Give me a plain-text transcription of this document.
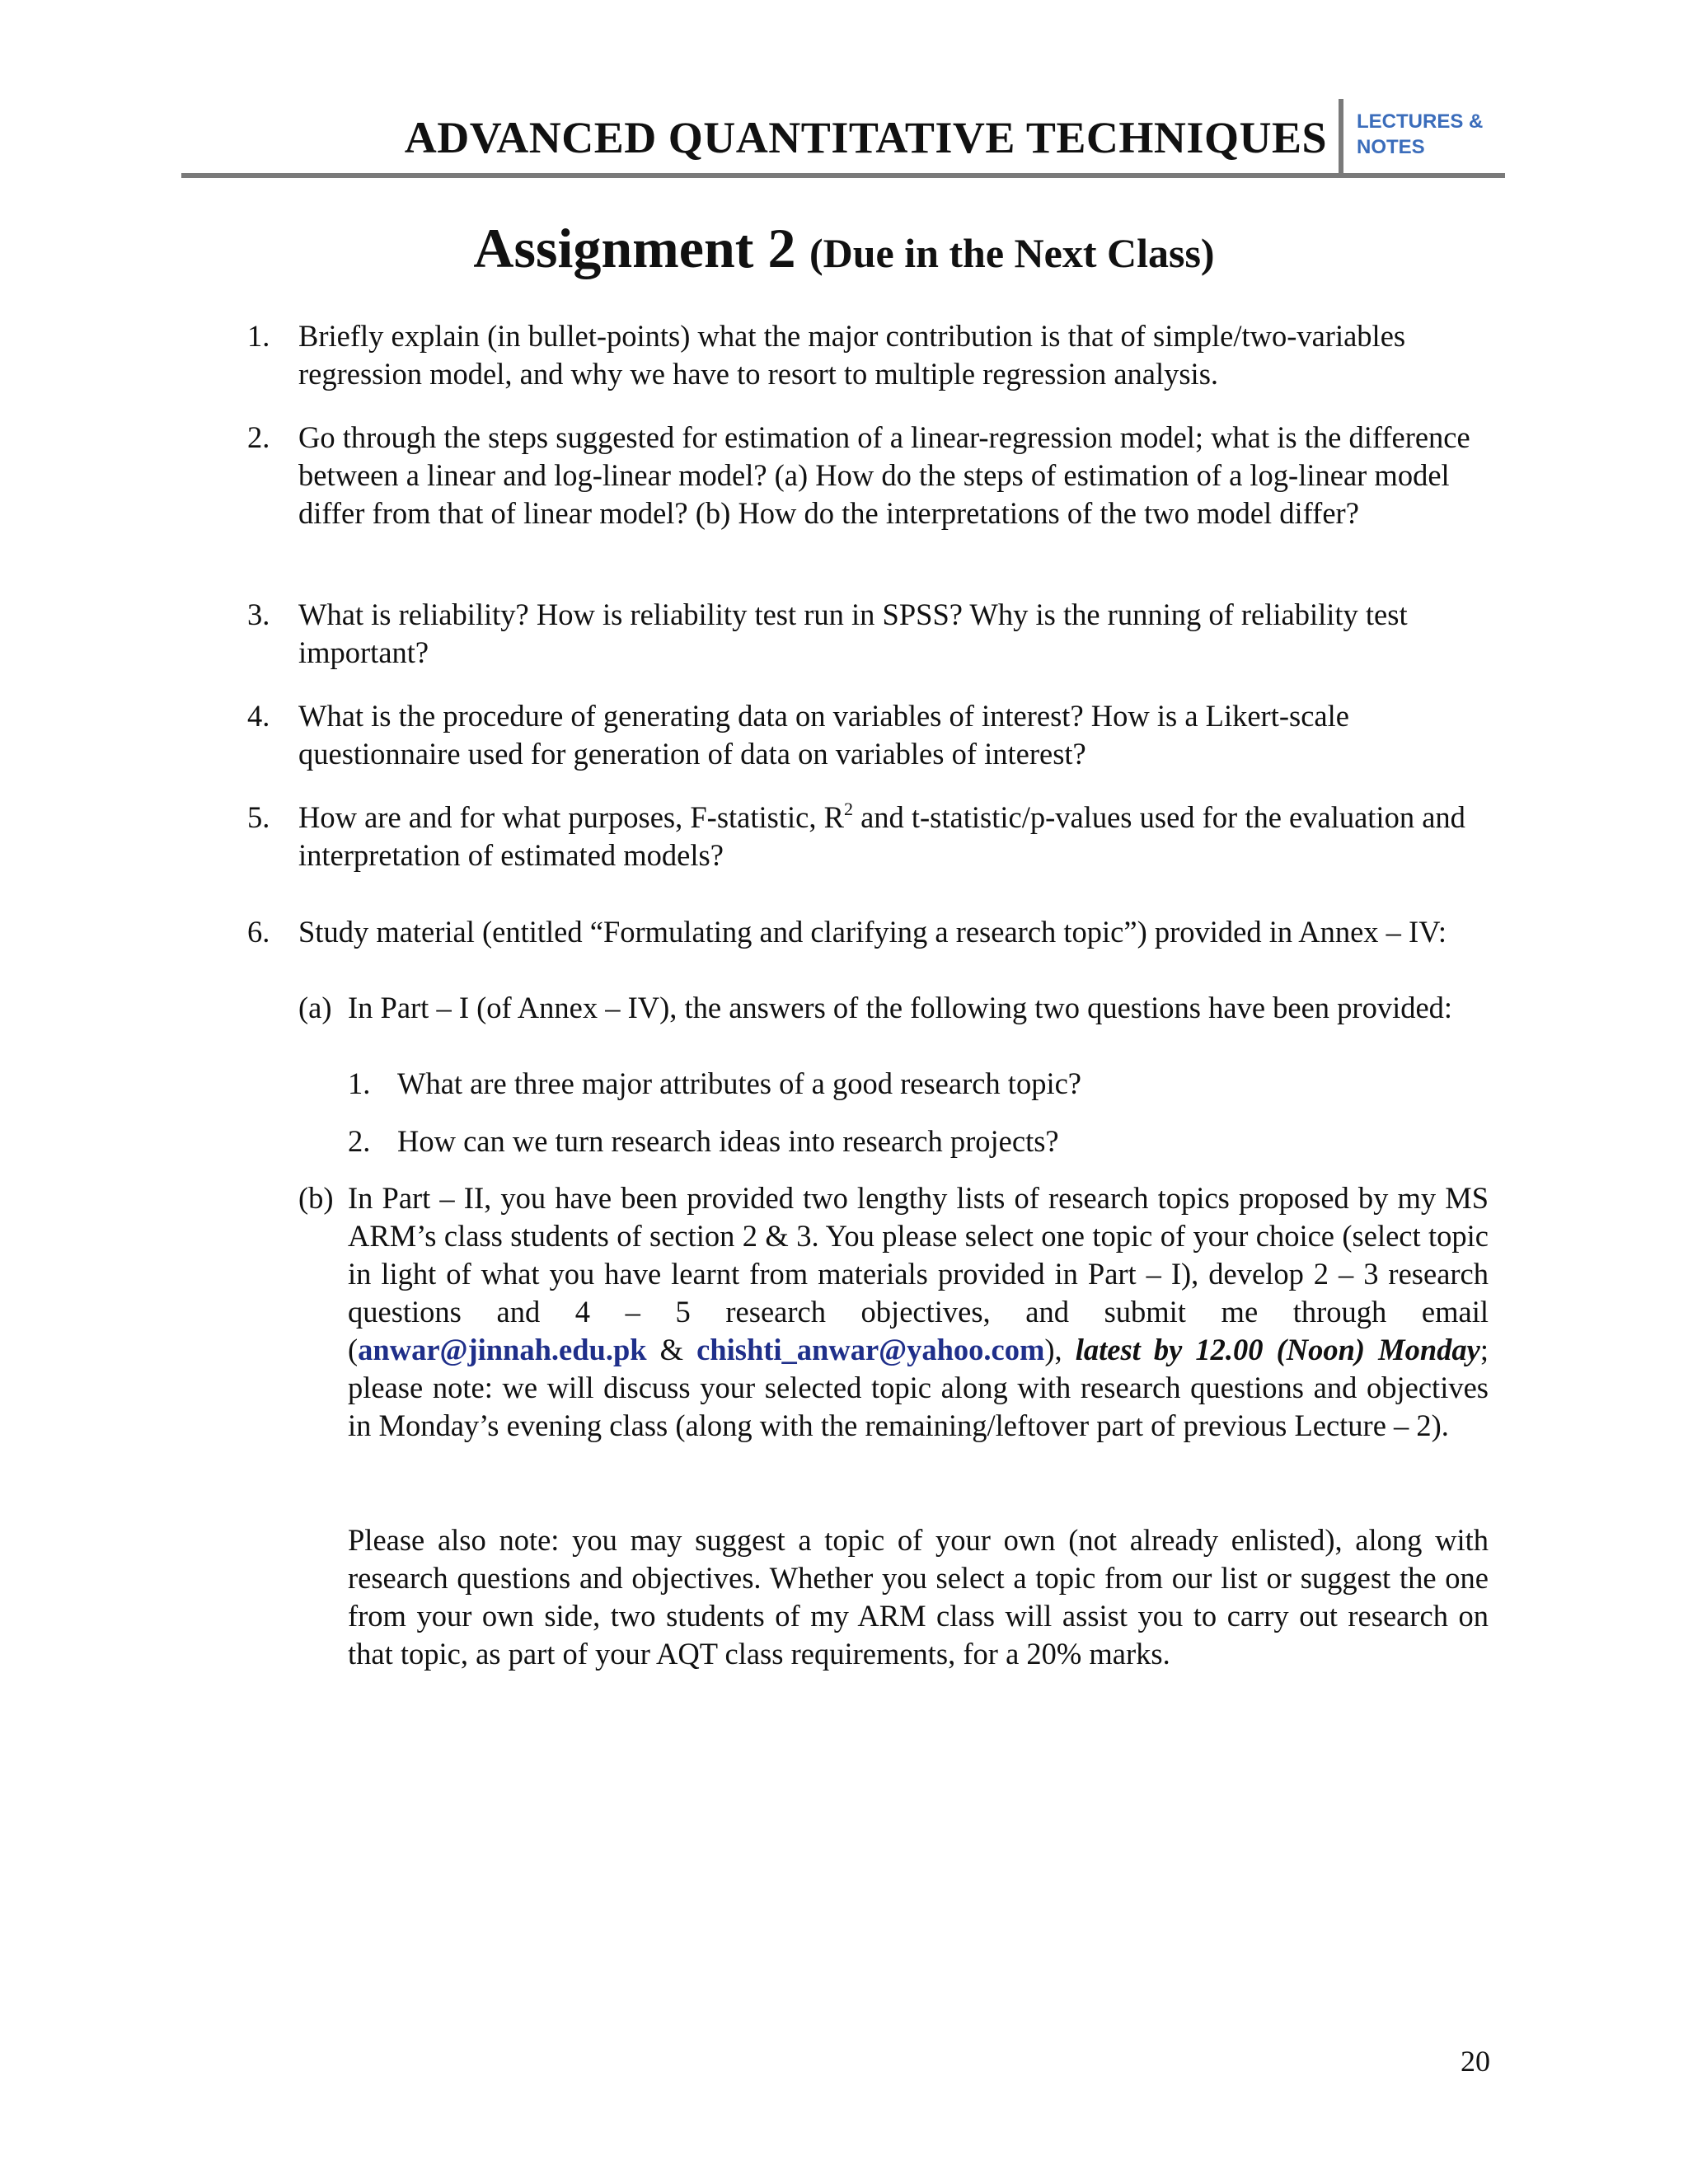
ADVANCED QUANTITATIVE TECHNIQUES LECTURES &
NOTES
Assignment 2 (Due in the Next Class)
1. Briefly explain (in bullet-points) what the major contribution is that of simple/two-variables regression model, and why we have to resort to multiple regression analysis.
2. Go through the steps suggested for estimation of a linear-regression model; what is the difference between a linear and log-linear model? (a) How do the steps of estimation of a log-linear model differ from that of linear model? (b) How do the interpretations of the two model differ?
3. What is reliability? How is reliability test run in SPSS? Why is the running of reliability test important?
4. What is the procedure of generating data on variables of interest? How is a Likert-scale questionnaire used for generation of data on variables of interest?
5. How are and for what purposes, F-statistic, $R^2$ and t-statistic/p-values used for the evaluation and interpretation of estimated models?
6. Study material (entitled “Formulating and clarifying a research topic”) provided in Annex – IV:
(a) In Part – I (of Annex – IV), the answers of the following two questions have been provided:
1. What are three major attributes of a good research topic?
2. How can we turn research ideas into research projects?
(b) In Part – II, you have been provided two lengthy lists of research topics proposed by my MS ARM’s class students of section 2 & 3. You please select one topic of your choice (select topic in light of what you have learnt from materials provided in Part – I), develop 2 – 3 research questions and 4 – 5 research objectives, and submit me through email (anwar@jinnah.edu.pk & chishti_anwar@yahoo.com), latest by 12.00 (Noon) Monday; please note: we will discuss your selected topic along with research questions and objectives in Monday’s evening class (along with the remaining/leftover part of previous Lecture – 2).
Please also note: you may suggest a topic of your own (not already enlisted), along with research questions and objectives. Whether you select a topic from our list or suggest the one from your own side, two students of my ARM class will assist you to carry out research on that topic, as part of your AQT class requirements, for a 20% marks.
20
